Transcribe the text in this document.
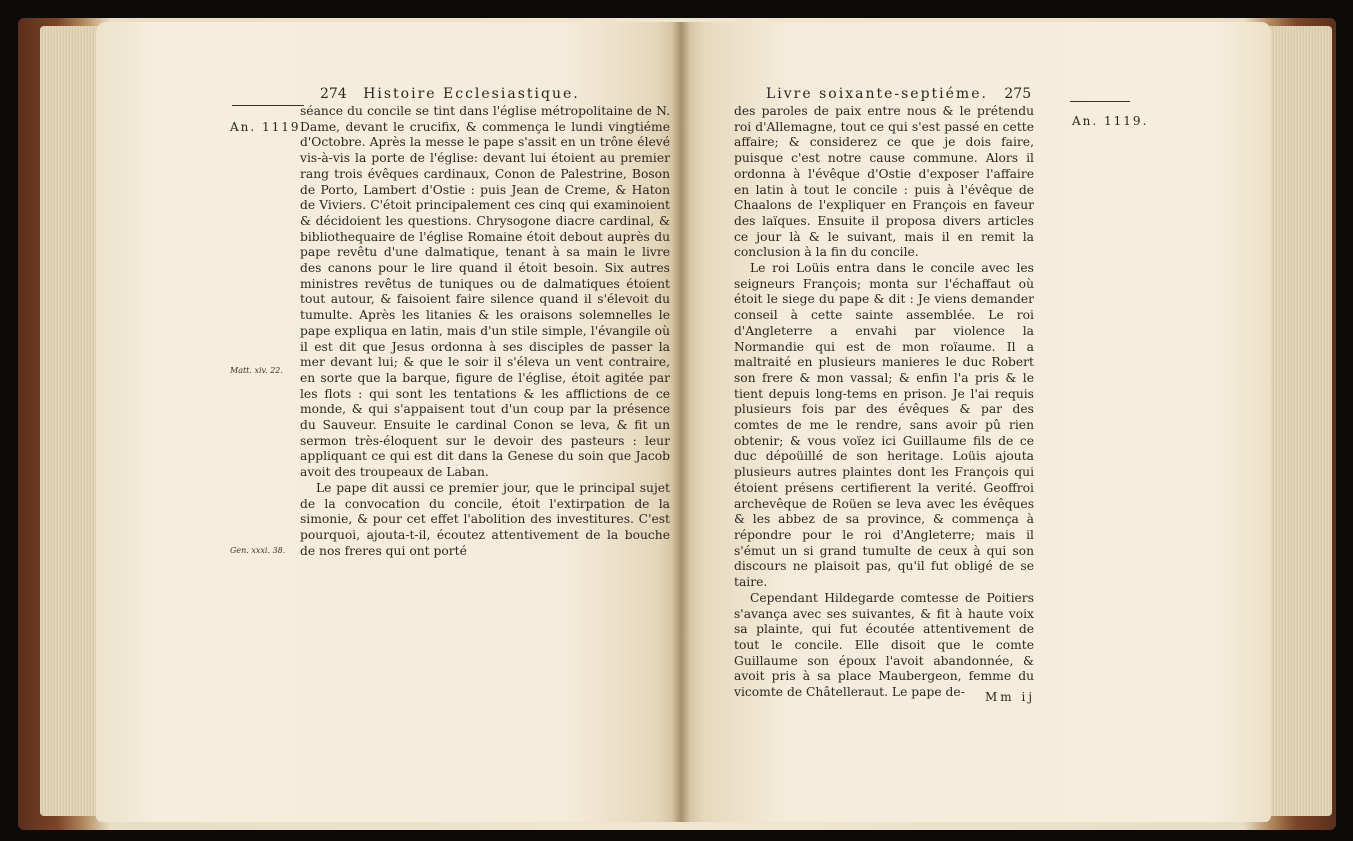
274 Histoire Ecclesiastique.
An. 1119.
Matt. xiv. 22.
Gen. xxxi. 38.

séance du concile se tint dans l'église métropolitaine de N. Dame, devant le crucifix, & commença le lundi vingtiéme d'Octobre. Après la messe le pape s'assit en un trône élevé vis-à-vis la porte de l'église: devant lui étoient au premier rang trois évêques cardinaux, Conon de Palestrine, Boson de Porto, Lambert d'Ostie : puis Jean de Creme, & Haton de Viviers. C'étoit principalement ces cinq qui examinoient & décidoient les questions. Chrysogone diacre cardinal, & bibliothequaire de l'église Romaine étoit debout auprès du pape revêtu d'une dalmatique, tenant à sa main le livre des canons pour le lire quand il étoit besoin. Six autres ministres revêtus de tuniques ou de dalmatiques étoient tout autour, & faisoient faire silence quand il s'élevoit du tumulte. Après les litanies & les oraisons solemnelles le pape expliqua en latin, mais d'un stile simple, l'évangile où il est dit que Jesus ordonna à ses disciples de passer la mer devant lui; & que le soir il s'éleva un vent contraire, en sorte que la barque, figure de l'église, étoit agitée par les flots : qui sont les tentations & les afflictions de ce monde, & qui s'appaisent tout d'un coup par la présence du Sauveur. Ensuite le cardinal Conon se leva, & fit un sermon très-éloquent sur le devoir des pasteurs : leur appliquant ce qui est dit dans la Genese du soin que Jacob avoit des troupeaux de Laban.

Le pape dit aussi ce premier jour, que le principal sujet de la convocation du concile, étoit l'extirpation de la simonie, & pour cet effet l'abolition des investitures. C'est pourquoi, ajouta-t-il, écoutez attentivement de la bouche de nos freres qui ont porté

Livre soixante-septiéme. 275
An. 1119.

des paroles de paix entre nous & le prétendu roi d'Allemagne, tout ce qui s'est passé en cette affaire; & considerez ce que je dois faire, puisque c'est notre cause commune. Alors il ordonna à l'évêque d'Ostie d'exposer l'affaire en latin à tout le concile : puis à l'évêque de Chaalons de l'expliquer en François en faveur des laïques. Ensuite il proposa divers articles ce jour là & le suivant, mais il en remit la conclusion à la fin du concile.

Le roi Loüis entra dans le concile avec les seigneurs François; monta sur l'échaffaut où étoit le siege du pape & dit : Je viens demander conseil à cette sainte assemblée. Le roi d'Angleterre a envahi par violence la Normandie qui est de mon roïaume. Il a maltraité en plusieurs manieres le duc Robert son frere & mon vassal; & enfin l'a pris & le tient depuis long-tems en prison. Je l'ai requis plusieurs fois par des évêques & par des comtes de me le rendre, sans avoir pû rien obtenir; & vous voïez ici Guillaume fils de ce duc dépoüillé de son heritage. Loüis ajouta plusieurs autres plaintes dont les François qui étoient présens certifierent la verité. Geoffroi archevêque de Roüen se leva avec les évêques & les abbez de sa province, & commença à répondre pour le roi d'Angleterre; mais il s'émut un si grand tumulte de ceux à qui son discours ne plaisoit pas, qu'il fut obligé de se taire.

Cependant Hildegarde comtesse de Poitiers s'avança avec ses suivantes, & fit à haute voix sa plainte, qui fut écoutée attentivement de tout le concile. Elle disoit que le comte Guillaume son époux l'avoit abandonnée, & avoit pris à sa place Maubergeon, femme du vicomte de Châtelleraut. Le pape de-	Mm ij
